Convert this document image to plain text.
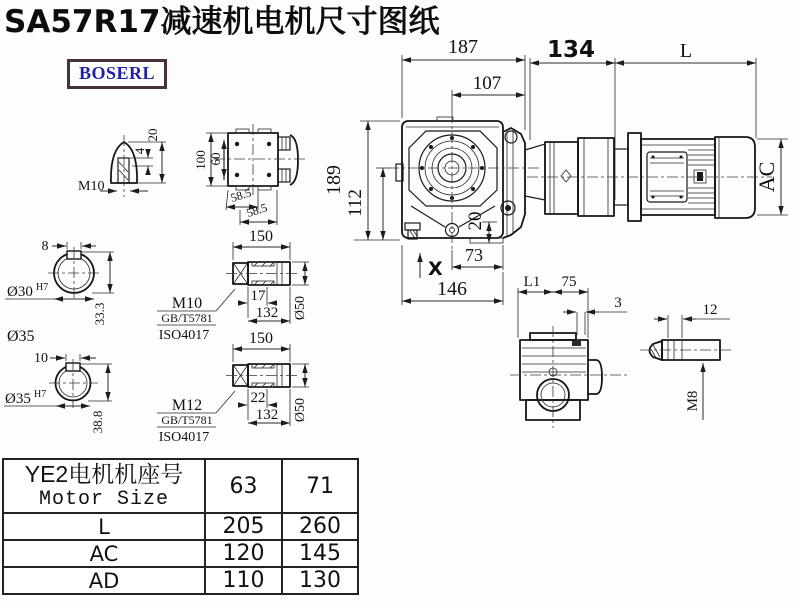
SA57R17减速机电机尺寸图纸
BOSERL
187
107
134	L
189
112
20
73
146
X
AC
M10
4
20
100 60
58.5
58.5
8
Ø30 H7
33.3
Ø35
10
Ø35 H7
38.8
M10
GB/T5781
ISO4017
M12
GB/T5781
ISO4017
150
17
132 Ø50
150
22
132 Ø50
L1 75
3	12
M8
YE2电机机座号
Motor Size	63	71
L	205	260
AC	120	145
AD	110	130
